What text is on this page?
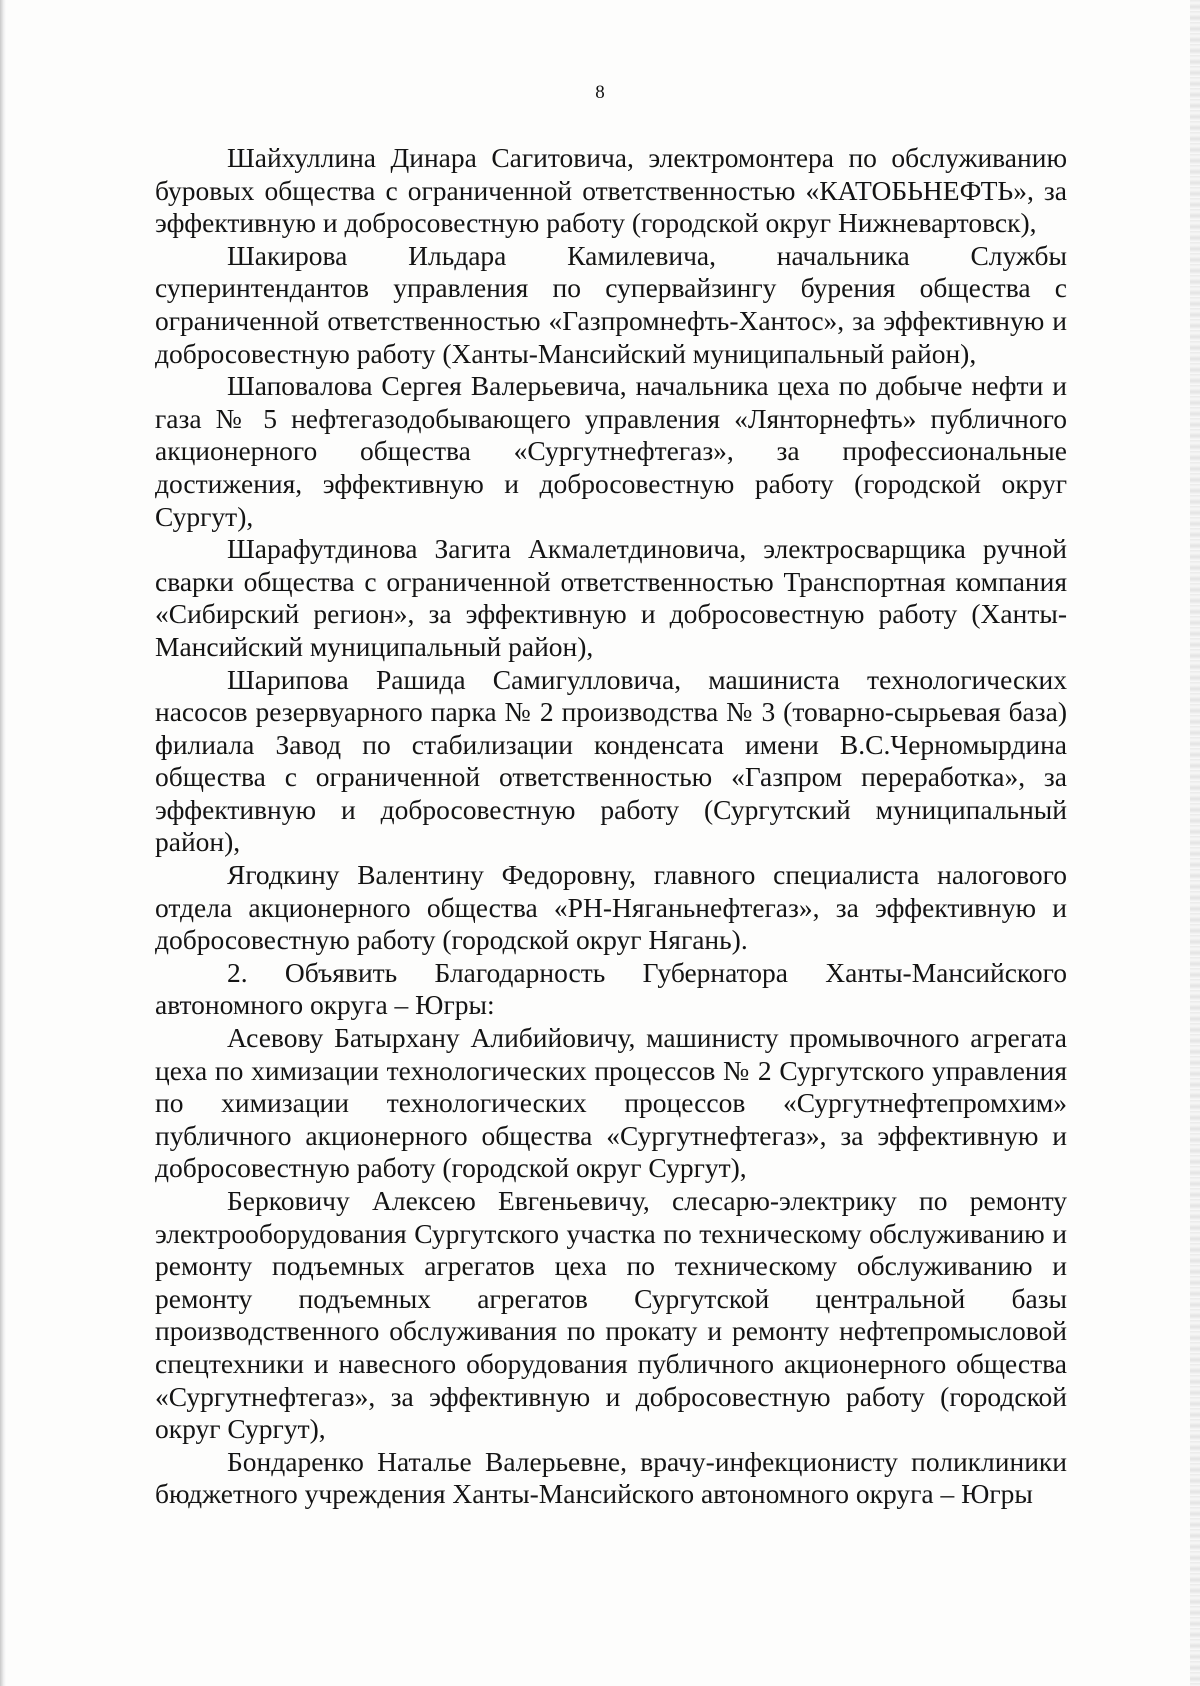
8

Шайхуллина Динара Сагитовича, электромонтера по обслуживанию буровых общества с ограниченной ответственностью «КАТОБЬНЕФТЬ», за эффективную и добросовестную работу (городской округ Нижневартовск),

Шакирова Ильдара Камилевича, начальника Службы суперинтендантов управления по супервайзингу бурения общества с ограниченной ответственностью «Газпромнефть-Хантос», за эффективную и добросовестную работу (Ханты-Мансийский муниципальный район),

Шаповалова Сергея Валерьевича, начальника цеха по добыче нефти и газа № 5 нефтегазодобывающего управления «Лянторнефть» публичного акционерного общества «Сургутнефтегаз», за профессиональные достижения, эффективную и добросовестную работу (городской округ Сургут),

Шарафутдинова Загита Акмалетдиновича, электросварщика ручной сварки общества с ограниченной ответственностью Транспортная компания «Сибирский регион», за эффективную и добросовестную работу (Ханты-Мансийский муниципальный район),

Шарипова Рашида Самигулловича, машиниста технологических насосов резервуарного парка № 2 производства № 3 (товарно-сырьевая база) филиала Завод по стабилизации конденсата имени В.С.Черномырдина общества с ограниченной ответственностью «Газпром переработка», за эффективную и добросовестную работу (Сургутский муниципальный район),

Ягодкину Валентину Федоровну, главного специалиста налогового отдела акционерного общества «РН-Няганьнефтегаз», за эффективную и добросовестную работу (городской округ Нягань).

2. Объявить Благодарность Губернатора Ханты-Мансийского автономного округа – Югры:

Асевову Батырхану Алибийовичу, машинисту промывочного агрегата цеха по химизации технологических процессов № 2 Сургутского управления по химизации технологических процессов «Сургутнефтепромхим» публичного акционерного общества «Сургутнефтегаз», за эффективную и добросовестную работу (городской округ Сургут),

Берковичу Алексею Евгеньевичу, слесарю-электрику по ремонту электрооборудования Сургутского участка по техническому обслуживанию и ремонту подъемных агрегатов цеха по техническому обслуживанию и ремонту подъемных агрегатов Сургутской центральной базы производственного обслуживания по прокату и ремонту нефтепромысловой спецтехники и навесного оборудования публичного акционерного общества «Сургутнефтегаз», за эффективную и добросовестную работу (городской округ Сургут),

Бондаренко Наталье Валерьевне, врачу-инфекционисту поликлиники бюджетного учреждения Ханты-Мансийского автономного округа – Югры
